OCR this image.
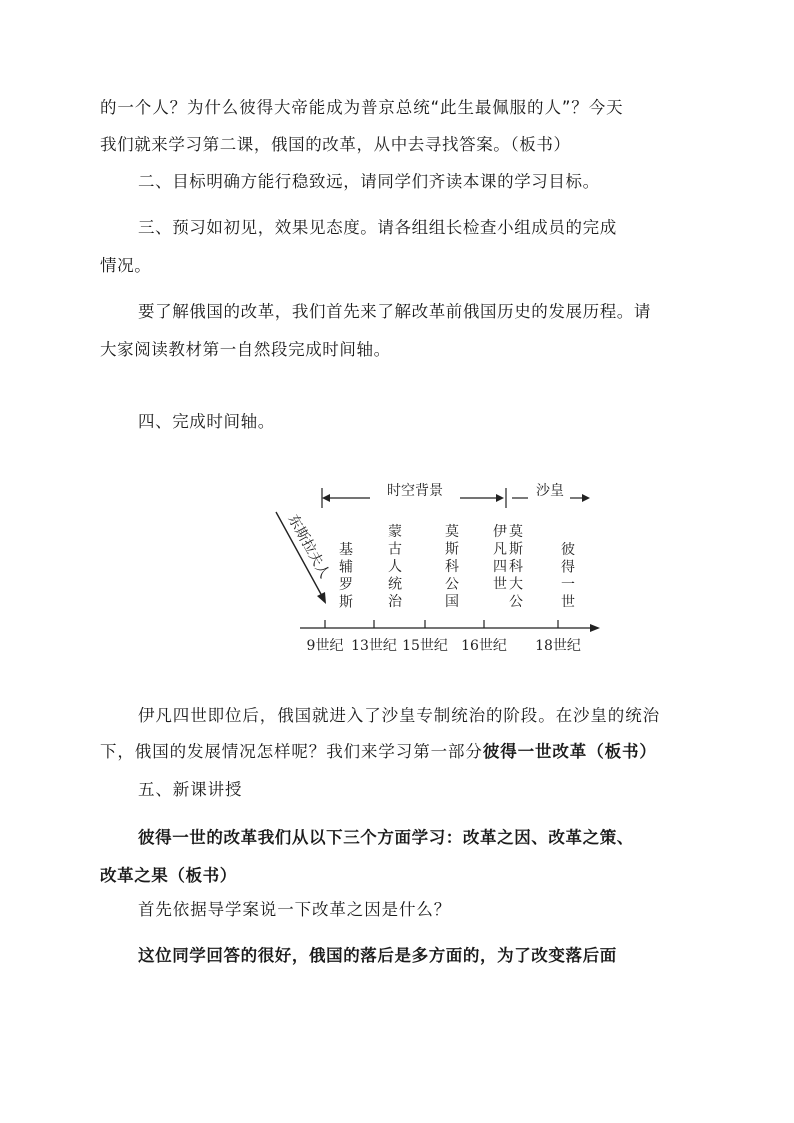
的一个人？为什么彼得大帝能成为普京总统“此生最佩服的人”？今天
我们就来学习第二课，俄国的改革，从中去寻找答案。（板书）
二、目标明确方能行稳致远，请同学们齐读本课的学习目标。
三、预习如初见，效果见态度。请各组组长检查小组成员的完成
情况。
要了解俄国的改革，我们首先来了解改革前俄国历史的发展历程。请
大家阅读教材第一自然段完成时间轴。
四、完成时间轴。
时空背景	沙皇
东斯拉夫人 基辅罗斯
蒙古人统治
莫斯科公国
伊凡四世
莫斯科大公
彼得一世
9世纪 13世纪 15世纪 16世纪 18世纪
伊凡四世即位后，俄国就进入了沙皇专制统治的阶段。在沙皇的统治
下，俄国的发展情况怎样呢？我们来学习第一部分彼得一世改革（板书）
五、新课讲授
彼得一世的改革我们从以下三个方面学习：改革之因、改革之策、
改革之果（板书）
首先依据导学案说一下改革之因是什么？
这位同学回答的很好，俄国的落后是多方面的，为了改变落后面
